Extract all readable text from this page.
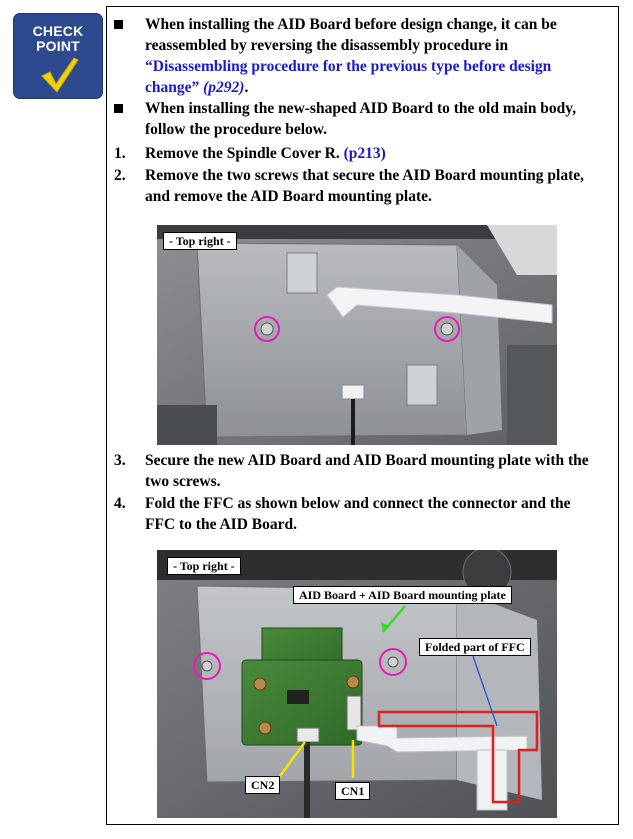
CHECK
POINT
When installing the AID Board before design change, it can be reassembled by reversing the disassembly procedure in “Disassembling procedure for the previous type before design change” (p292).
When installing the new-shaped AID Board to the old main body, follow the procedure below.
1. Remove the Spindle Cover R. (p213)
2. Remove the two screws that secure the AID Board mounting plate, and remove the AID Board mounting plate.
- Top right -
3. Secure the new AID Board and AID Board mounting plate with the two screws.
4. Fold the FFC as shown below and connect the connector and the FFC to the AID Board.
- Top right -
AID Board + AID Board mounting plate
Folded part of FFC
CN2	CN1
